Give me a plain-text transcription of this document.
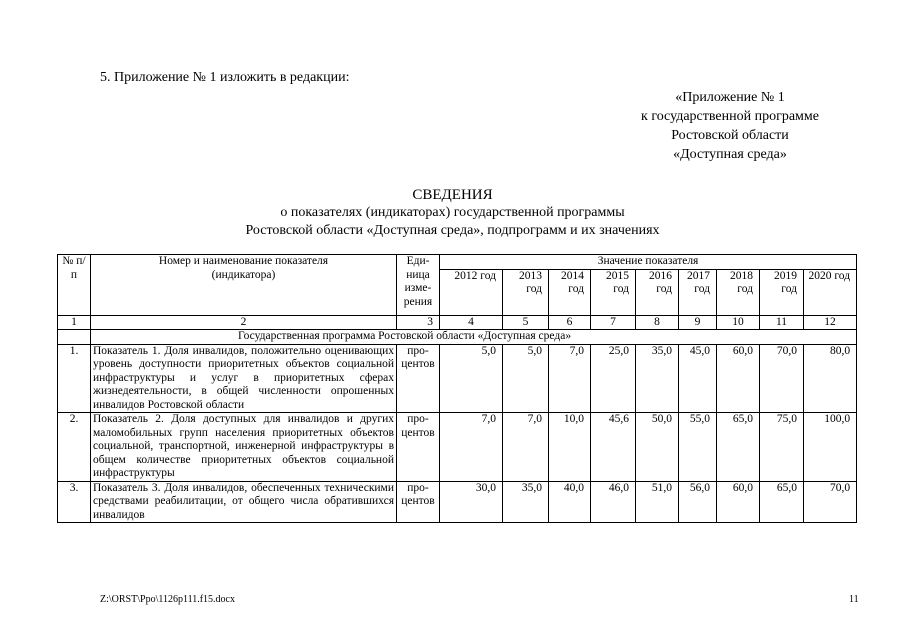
5. Приложение № 1 изложить в редакции:
«Приложение № 1
к государственной программе
Ростовской области
«Доступная среда»
СВЕДЕНИЯ
о показателях (индикаторах) государственной программы
Ростовской области «Доступная среда», подпрограмм и их значениях
№ п/п	Номер и наименование показателя (индикатора)	Еди-ница изме-рения	Значение показателя								
			2012 год	2013 год	2014 год	2015 год	2016 год	2017 год	2018 год	2019 год	2020 год
1	2	3	4	5	6	7	8	9	10	11	12
	Государственная программа Ростовской области «Доступная среда»										
1.	Показатель 1. Доля инвалидов, положительно оценивающих уровень доступности приоритетных объектов социальной инфраструктуры и услуг в приоритетных сферах жизнедеятельности, в общей численности опрошенных инвалидов Ростовской области	про-центов	5,0	5,0	7,0	25,0	35,0	45,0	60,0	70,0	80,0
2.	Показатель 2. Доля доступных для инвалидов и других маломобильных групп населения приоритетных объектов социальной, транспортной, инженерной инфраструктуры в общем количестве приоритетных объектов социальной инфраструктуры	про-центов	7,0	7,0	10,0	45,6	50,0	55,0	65,0	75,0	100,0
3.	Показатель 3. Доля инвалидов, обеспеченных техническими средствами реабилитации, от общего числа обратившихся инвалидов	про-центов	30,0	35,0	40,0	46,0	51,0	56,0	60,0	65,0	70,0
Z:\ORST\Ppo\1126p111.f15.docx	11
